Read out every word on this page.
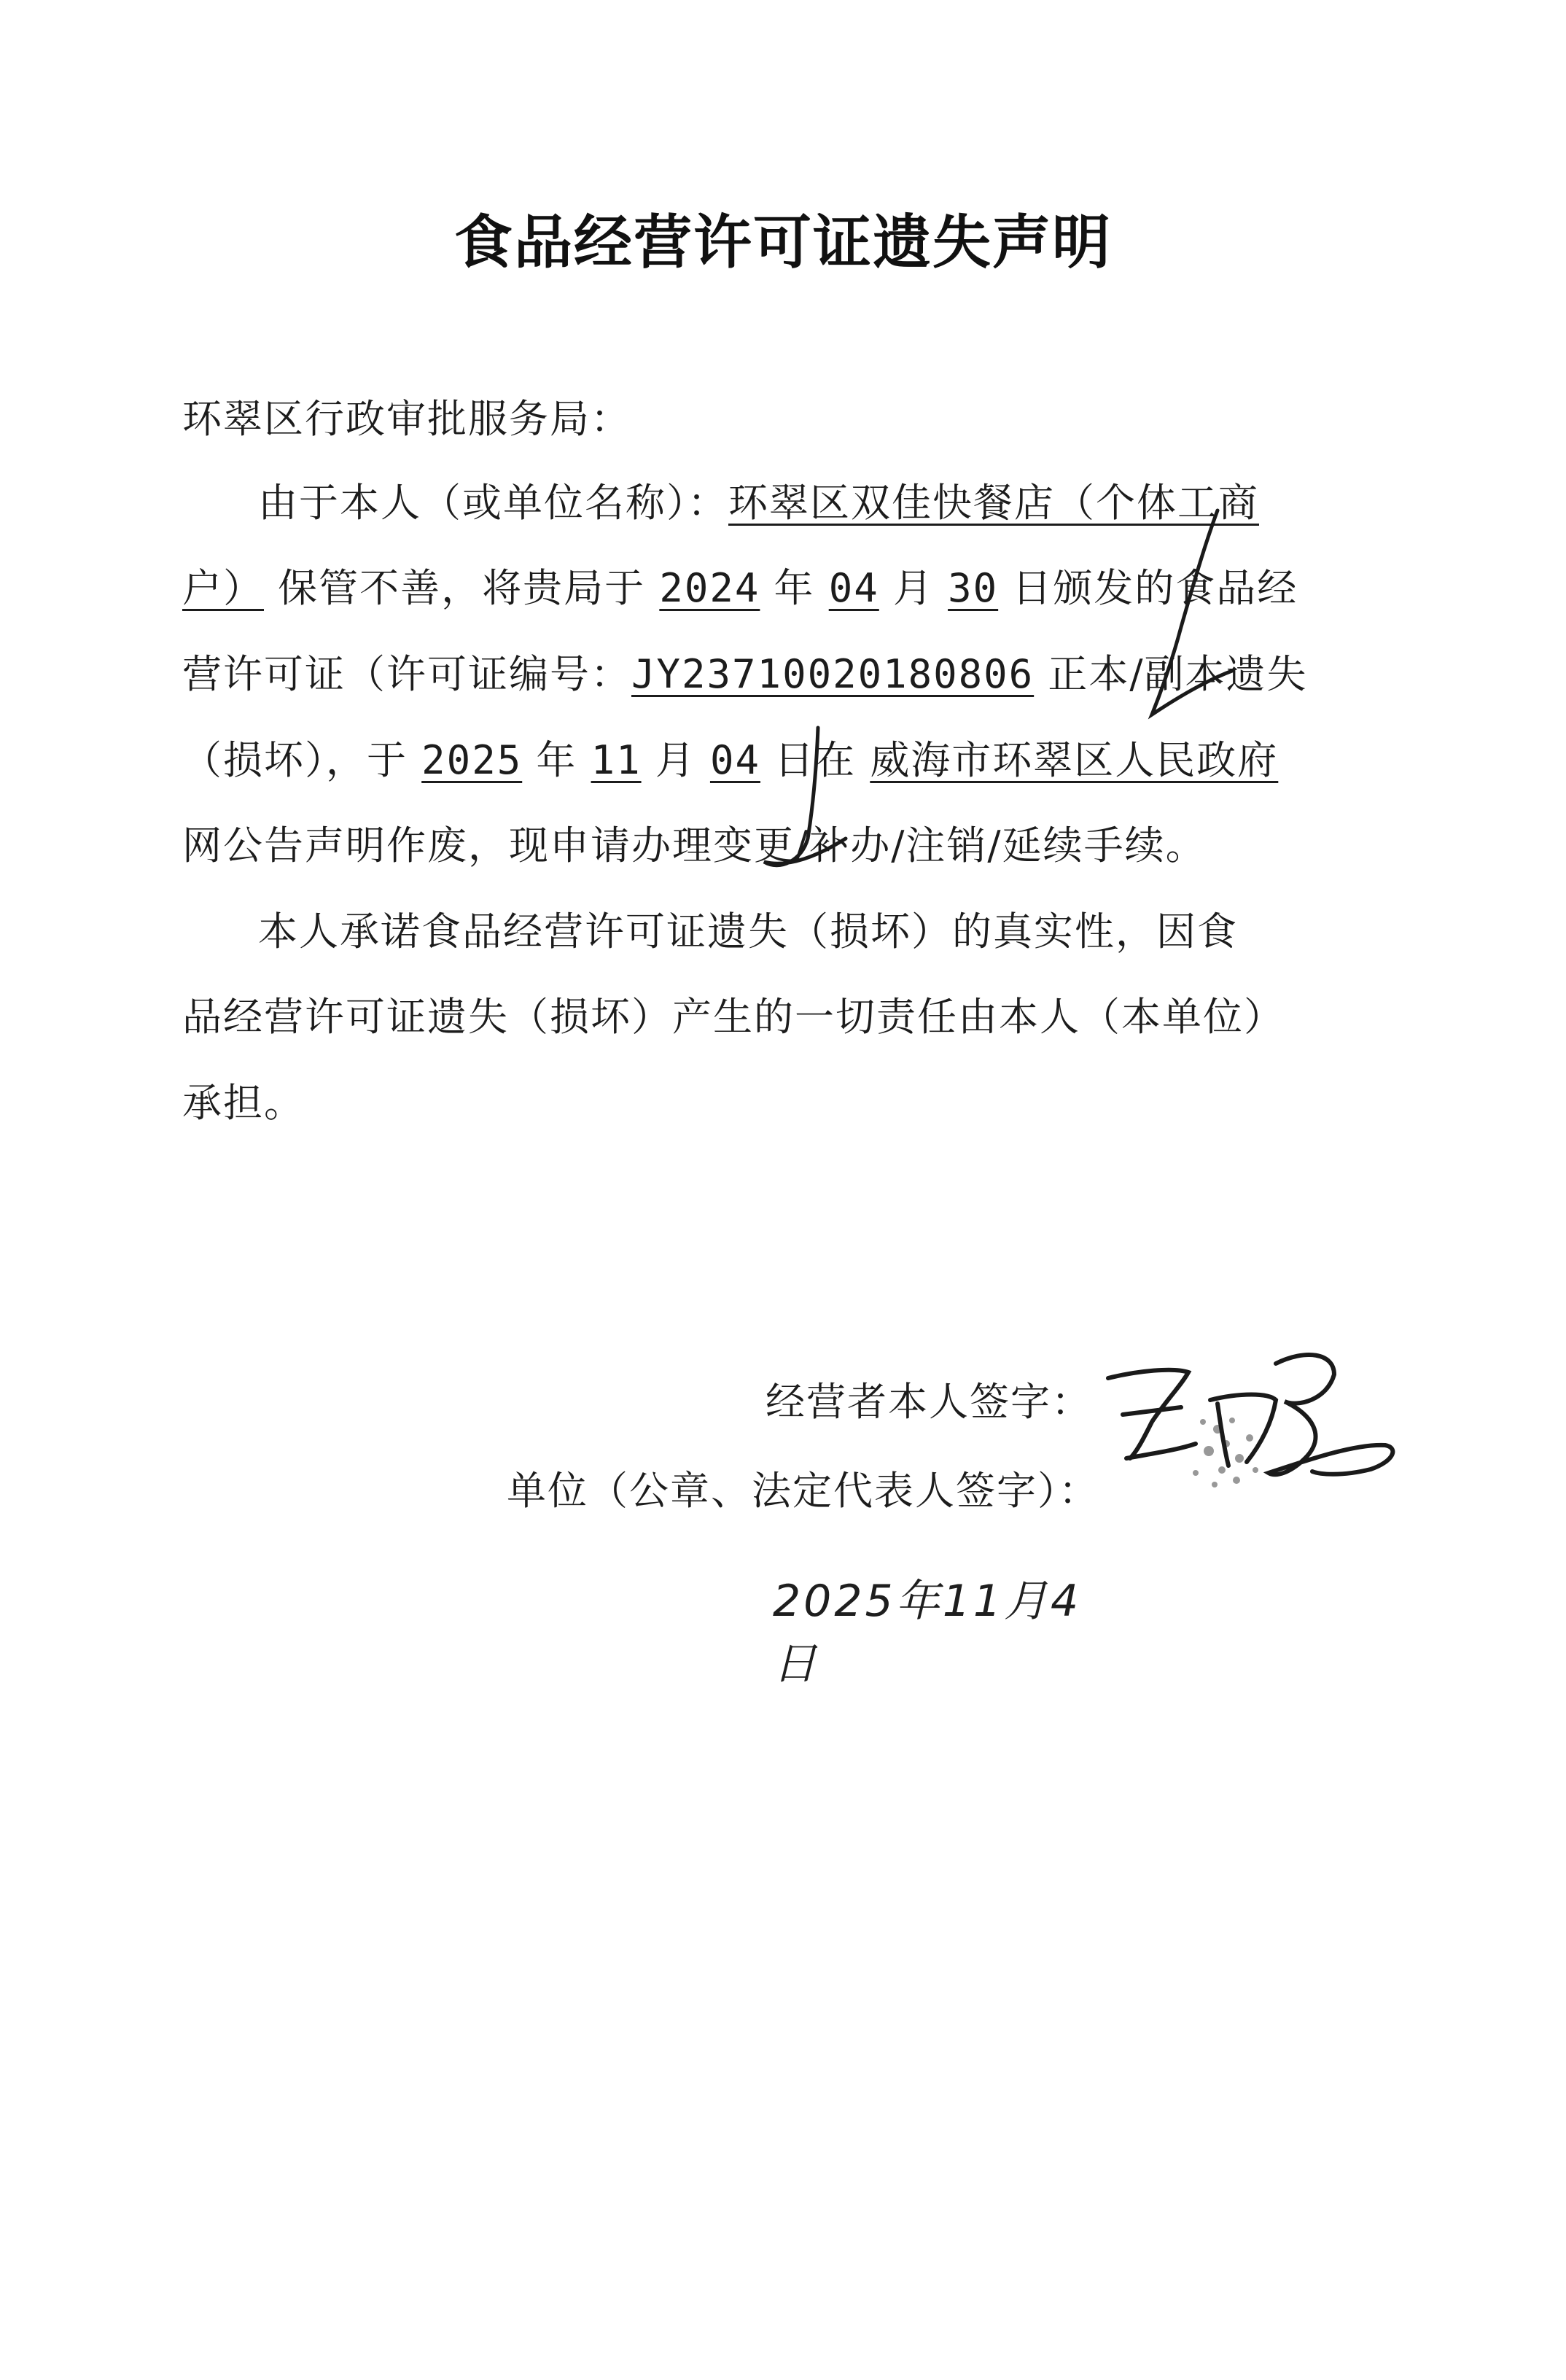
食品经营许可证遗失声明
环翠区行政审批服务局：
由于本人（或单位名称）：环翠区双佳快餐店（个体工商
户） 保管不善，将贵局于 2024 年 04 月 30 日颁发的食品经
营许可证（许可证编号：JY23710020180806 正本/副本遗失
（损坏），于 2025 年 11 月 04 日在 威海市环翠区人民政府
网公告声明作废，现申请办理变更/补办/注销/延续手续。
本人承诺食品经营许可证遗失（损坏）的真实性，因食
品经营许可证遗失（损坏）产生的一切责任由本人（本单位）
承担。
经营者本人签字：
单位（公章、法定代表人签字）：
2025年11月4日
